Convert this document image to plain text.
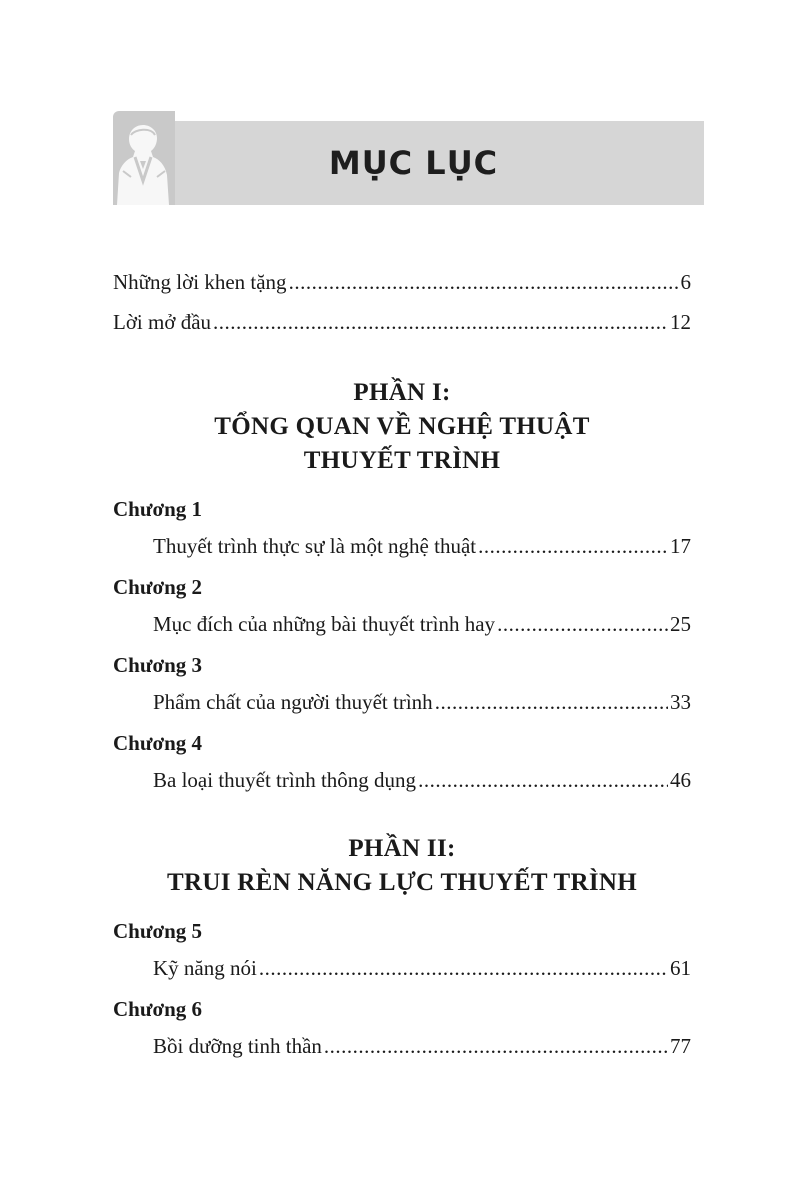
MỤC LỤC
Những lời khen tặng .....	6
Lời mở đầu .....	12
PHẦN I:
TỔNG QUAN VỀ NGHỆ THUẬT
THUYẾT TRÌNH
Chương 1
Thuyết trình thực sự là một nghệ thuật .....	17
Chương 2
Mục đích của những bài thuyết trình hay .....	25
Chương 3
Phẩm chất của người thuyết trình .....	33
Chương 4
Ba loại thuyết trình thông dụng .....	46
PHẦN II:
TRUI RÈN NĂNG LỰC THUYẾT TRÌNH
Chương 5
Kỹ năng nói .....	61
Chương 6
Bồi dưỡng tinh thần .....	77
